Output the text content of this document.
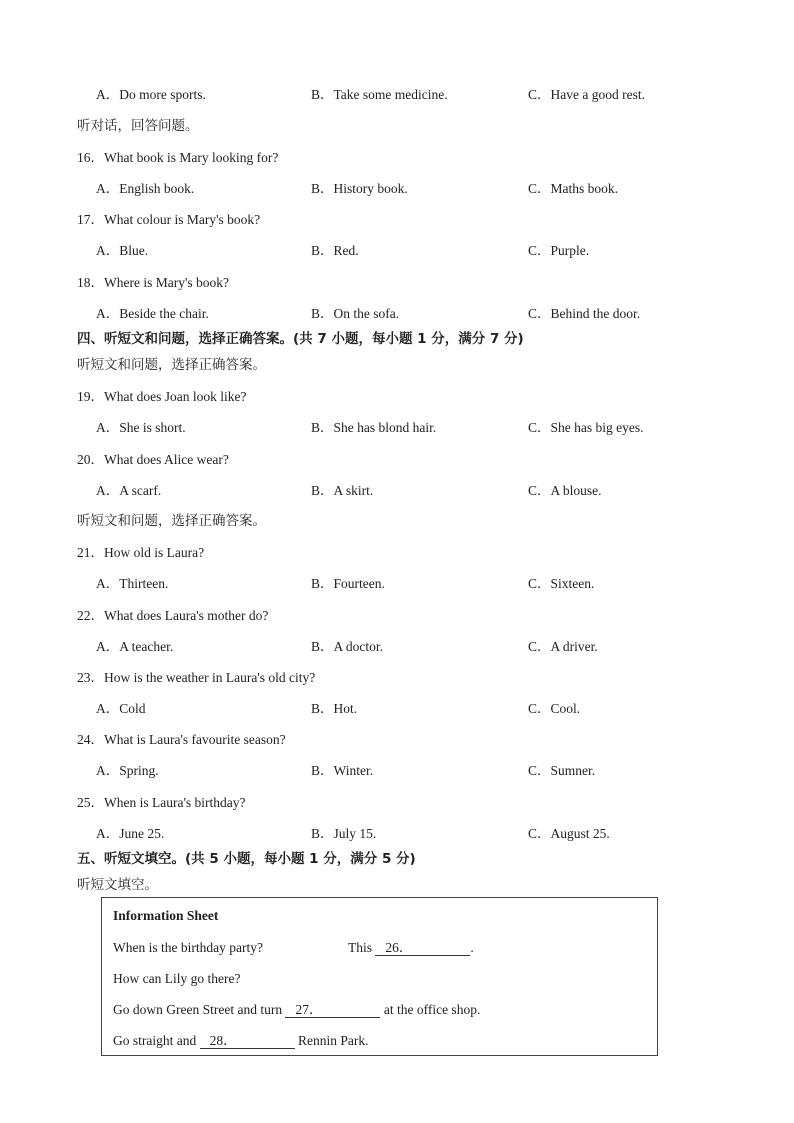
A．Do more sports.	B．Take some medicine.	C．Have a good rest.
听对话，回答问题。
16．What book is Mary looking for?
A．English book.	B．History book.	C．Maths book.
17．What colour is Mary's book?
A．Blue.	B．Red.	C．Purple.
18．Where is Mary's book?
A．Beside the chair.	B．On the sofa.	C．Behind the door.
四、听短文和问题，选择正确答案。(共 7 小题，每小题 1 分，满分 7 分)
听短文和问题，选择正确答案。
19．What does Joan look like?
A．She is short.	B．She has blond hair.	C．She has big eyes.
20．What does Alice wear?
A．A scarf.	B．A skirt.	C．A blouse.
听短文和问题，选择正确答案。
21．How old is Laura?
A．Thirteen.	B．Fourteen.	C．Sixteen.
22．What does Laura's mother do?
A．A teacher.	B．A doctor.	C．A driver.
23．How is the weather in Laura's old city?
A．Cold	B．Hot.	C．Cool.
24．What is Laura's favourite season?
A．Spring.	B．Winter.	C．Sumner.
25．When is Laura's birthday?
A．June 25.	B．July 15.	C．August 25.
五、听短文填空。(共 5 小题，每小题 1 分，满分 5 分)
听短文填空。
Information Sheet
When is the birthday party?	This 26．	.
How can Lily go there?
Go down Green Street and turn 27．	at the office shop.
Go straight and 28．	Rennin Park.
